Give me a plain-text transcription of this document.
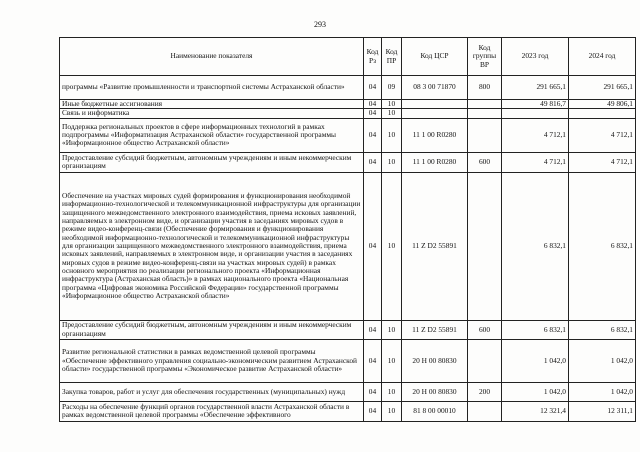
293
Наименование показателя	Код Рз	Код ПР	Код ЦСР	Код группы ВР	2023 год	2024 год
программы «Развитие промышленности и транспортной системы Астраханской области»	04	09	08 3 00 71870	800	291 665,1	291 665,1
Иные бюджетные ассигнования	04	10			49 816,7	49 806,1
Связь и информатика	04	10				
Поддержка региональных проектов в сфере информационных технологий в рамках подпрограммы «Информатизация Астраханской области» государственной программы «Информационное общество Астраханской области»	04	10	11 1 00 R0280		4 712,1	4 712,1
Предоставление субсидий бюджетным, автономным учреждениям и иным некоммерческим организациям	04	10	11 1 00 R0280	600	4 712,1	4 712,1
Обеспечение на участках мировых судей формирования и функционирования необходимой информационно-технологической и телекоммуникационной инфраструктуры для организации защищенного межведомственного электронного взаимодействия, приема исковых заявлений, направляемых в электронном виде, и организации участия в заседаниях мировых судов в режиме видео-конференц-связи (Обеспечение формирования и функционирования необходимой информационно-технологической и телекоммуникационной инфраструктуры для организации защищенного межведомственного электронного взаимодействия, приема исковых заявлений, направляемых в электронном виде, и организации участия в заседаниях мировых судов в режиме видео-конференц-связи на участках мировых судей) в рамках основного мероприятия по реализации регионального проекта «Информационная инфраструктура (Астраханская область)» в рамках национального проекта «Национальная программа «Цифровая экономика Российской Федерации» государственной программы «Информационное общество Астраханской области»	04	10	11 Z D2 55891		6 832,1	6 832,1
Предоставление субсидий бюджетным, автономным учреждениям и иным некоммерческим организациям	04	10	11 Z D2 55891	600	6 832,1	6 832,1
Развитие региональной статистики в рамках ведомственной целевой программы «Обеспечение эффективного управления социально-экономическим развитием Астраханской области» государственной программы «Экономическое развитие Астраханской области»	04	10	20 H 00 80830		1 042,0	1 042,0
Закупка товаров, работ и услуг для обеспечения государственных (муниципальных) нужд	04	10	20 H 00 80830	200	1 042,0	1 042,0
Расходы на обеспечение функций органов государственной власти Астраханской области в рамках ведомственной целевой программы «Обеспечение эффективного	04	10	81 8 00 00010		12 321,4	12 311,1
